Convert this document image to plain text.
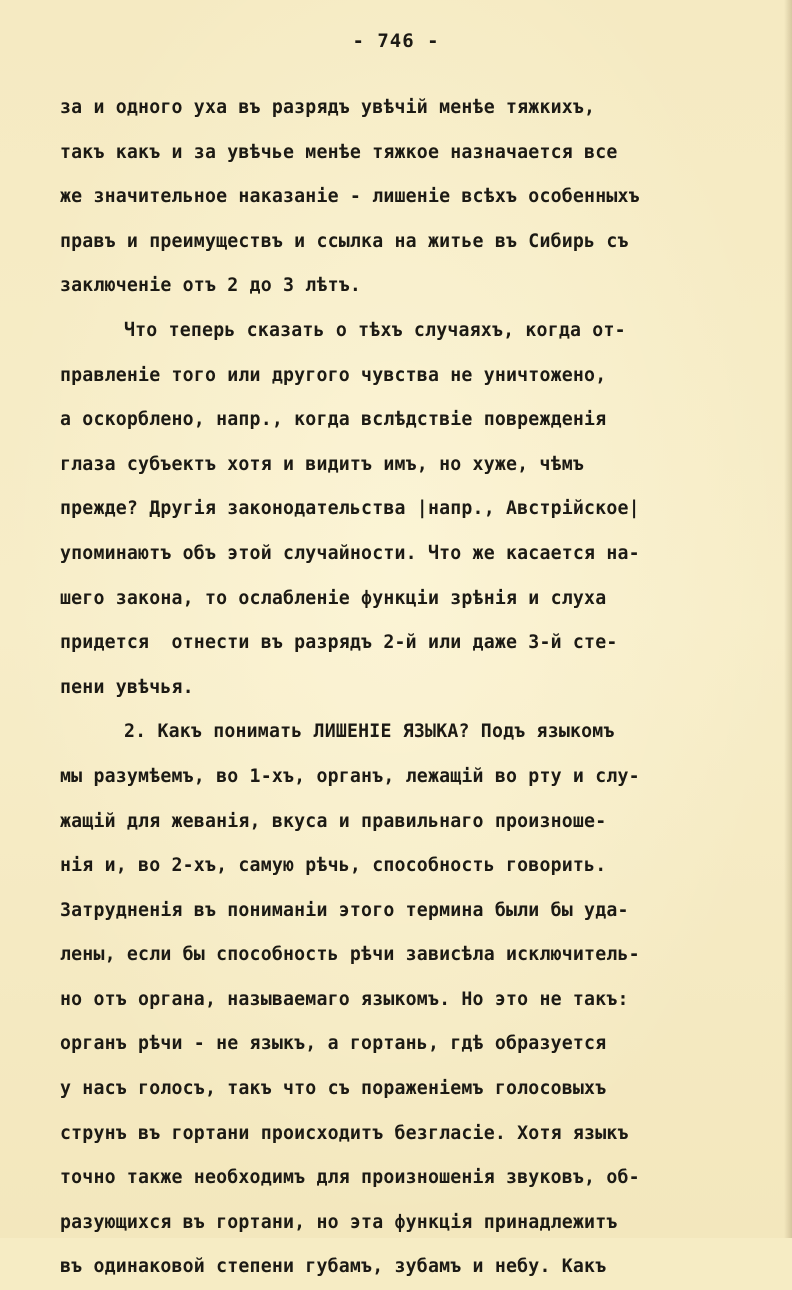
- 746 -
за и одного уха въ разрядъ увѣчій менѣе тяжкихъ,
такъ какъ и за увѣчье менѣе тяжкое назначается все
же значительное наказаніе - лишеніе всѣхъ особенныхъ
правъ и преимуществъ и ссылка на житье въ Сибирь съ
заключеніе отъ 2 до 3 лѣтъ.
Что теперь сказать о тѣхъ случаяхъ, когда от-
правленіе того или другого чувства не уничтожено,
а оскорблено, напр., когда вслѣдствіе поврежденія
глаза субъектъ хотя и видитъ имъ, но хуже, чѣмъ
прежде? Другія законодательства |напр., Австрійское|
упоминаютъ объ этой случайности. Что же касается на-
шего закона, то ослабленіе функціи зрѣнія и слуха
придется  отнести въ разрядъ 2-й или даже 3-й сте-
пени увѣчья.
2. Какъ понимать ЛИШЕНІЕ ЯЗЫКА? Подъ языкомъ
мы разумѣемъ, во 1-хъ, органъ, лежащій во рту и слу-
жащій для жеванія, вкуса и правильнаго произноше-
нія и, во 2-хъ, самую рѣчь, способность говорить.
Затрудненія въ пониманіи этого термина были бы уда-
лены, если бы способность рѣчи зависѣла исключитель-
но отъ органа, называемаго языкомъ. Но это не такъ:
органъ рѣчи - не языкъ, а гортань, гдѣ образуется
у насъ голосъ, такъ что съ пораженіемъ голосовыхъ
струнъ въ гортани происходитъ безгласіе. Хотя языкъ
точно также необходимъ для произношенія звуковъ, об-
разующихся въ гортани, но эта функція принадлежитъ
въ одинаковой степени губамъ, зубамъ и небу. Какъ
